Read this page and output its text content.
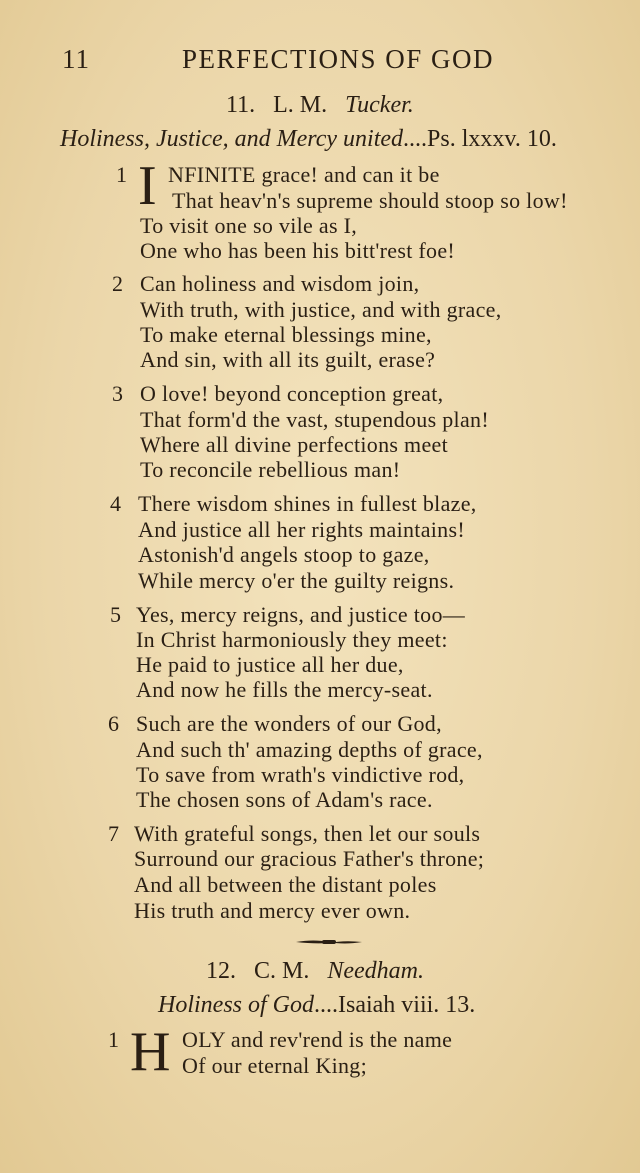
11	PERFECTIONS OF GOD
11. L. M. Tucker.
Holiness, Justice, and Mercy united....Ps. lxxxv. 10.
1 I NFINITE grace! and can it be
That heav'n's supreme should stoop so low!
To visit one so vile as I,
One who has been his bitt'rest foe!
2 Can holiness and wisdom join,
With truth, with justice, and with grace,
To make eternal blessings mine,
And sin, with all its guilt, erase?
3 O love! beyond conception great,
That form'd the vast, stupendous plan!
Where all divine perfections meet
To reconcile rebellious man!
4 There wisdom shines in fullest blaze,
And justice all her rights maintains!
Astonish'd angels stoop to gaze,
While mercy o'er the guilty reigns.
5 Yes, mercy reigns, and justice too—
In Christ harmoniously they meet:
He paid to justice all her due,
And now he fills the mercy-seat.
6 Such are the wonders of our God,
And such th' amazing depths of grace,
To save from wrath's vindictive rod,
The chosen sons of Adam's race.
7 With grateful songs, then let our souls
Surround our gracious Father's throne;
And all between the distant poles
His truth and mercy ever own.
12. C. M. Needham.
Holiness of God....Isaiah viii. 13.
1 H OLY and rev'rend is the name
Of our eternal King;
